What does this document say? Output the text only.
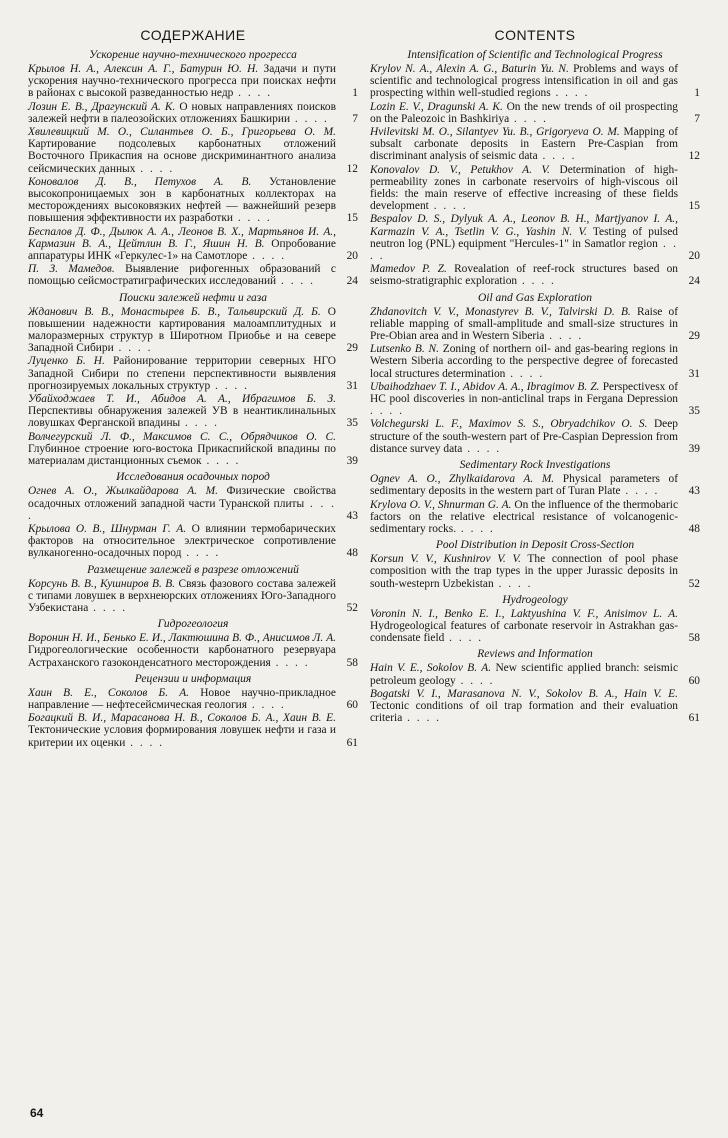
СОДЕРЖАНИЕ
Ускорение научно-технического прогресса
Крылов Н. А., Алексин А. Г., Батурин Ю. Н. Задачи и пути ускорения научно-технического прогресса при поисках нефти в районах с высокой разведанностью недр . . . .	1
Лозин Е. В., Драгунский А. К. О новых направлениях поисков залежей нефти в палеозойских отложениях Башкирии . . . .	7
Хвилевицкий М. О., Силантьев О. Б., Григорьева О. М. Картирование подсолевых карбонатных отложений Восточного Прикаспия на основе дискриминантного анализа сейсмических данных . . . .	12
Коновалов Д. В., Петухов А. В. Установление высокопроницаемых зон в карбонатных коллекторах на месторождениях высоковязких нефтей — важнейший резерв повышения эффективности их разработки . . . .	15
Беспалов Д. Ф., Дылюк А. А., Леонов В. Х., Мартьянов И. А., Кармазин В. А., Цейтлин В. Г., Яшин Н. В. Опробование аппаратуры ИНК «Геркулес-1» на Самотлоре . . . .	20
П. З. Мамедов. Выявление рифогенных образований с помощью сейсмостратиграфических исследований . . . .	24
Поиски залежей нефти и газа
Жданович В. В., Монастырев Б. В., Тальвирский Д. Б. О повышении надежности картирования малоамплитудных и малоразмерных структур в Широтном Приобье и на севере Западной Сибири . . . .	29
Луценко Б. Н. Районирование территории северных НГО Западной Сибири по степени перспективности выявления прогнозируемых локальных структур . . . .	31
Убайходжаев Т. И., Абидов А. А., Ибрагимов Б. З. Перспективы обнаружения залежей УВ в неантиклинальных ловушках Ферганской впадины . . . .	35
Волчегурский Л. Ф., Максимов С. С., Обрядчиков О. С. Глубинное строение юго-востока Прикаспийской впадины по материалам дистанционных съемок . . . .	39
Исследования осадочных пород
Огнев А. О., Жылкайдарова А. М. Физические свойства осадочных отложений западной части Туранской плиты . . . .	43
Крылова О. В., Шнурман Г. А. О влиянии термобарических факторов на относительное электрическое сопротивление вулканогенно-осадочных пород . . . .	48
Размещение залежей в разрезе отложений
Корсунь В. В., Кушниров В. В. Связь фазового состава залежей с типами ловушек в верхнеюрских отложениях Юго-Западного Узбекистана . . . .	52
Гидрогеология
Воронин Н. И., Бенько Е. И., Лактюшина В. Ф., Анисимов Л. А. Гидрогеологические особенности карбонатного резервуара Астраханского газоконденсатного месторождения . . . .	58
Рецензии и информация
Хаин В. Е., Соколов Б. А. Новое научно-прикладное направление — нефтесейсмическая геология . . . .	60
Богацкий В. И., Марасанова Н. В., Соколов Б. А., Хаин В. Е. Тектонические условия формирования ловушек нефти и газа и критерии их оценки . . . .	61
CONTENTS
Intensification of Scientific and Technological Progress
Krylov N. A., Alexin A. G., Baturin Yu. N. Problems and ways of scientific and technological progress intensification in oil and gas prospecting within well-studied regions . . . .	1
Lozin E. V., Dragunski A. K. On the new trends of oil prospecting on the Paleozoic in Bashkiriya . . . .	7
Hvilevitski M. O., Silantyev Yu. B., Grigoryeva O. M. Mapping of subsalt carbonate deposits in Eastern Pre-Caspian from discriminant analysis of seismic data . . . .	12
Konovalov D. V., Petukhov A. V. Determination of high-permeability zones in carbonate reservoirs of high-viscous oil fields: the main reserve of effective increasing of these fields development . . . .	15
Bespalov D. S., Dylyuk A. A., Leonov B. H., Martjyanov I. A., Karmazin V. A., Tsetlin V. G., Yashin N. V. Testing of pulsed neutron log (PNL) equipment "Hercules-1" in Samatlor region . . . .	20
Mamedov P. Z. Rovealation of reef-rock structures based on seismo-stratigraphic exploration . . . .	24
Oil and Gas Exploration
Zhdanovitch V. V., Monastyrev B. V., Talvirski D. B. Raise of reliable mapping of small-amplitude and small-size structures in Pre-Obian area and in Western Siberia . . . .	29
Lutsenko B. N. Zoning of northern oil- and gas-bearing regions in Western Siberia according to the perspective degree of forecasted local structures determination . . . .	31
Ubaihodzhaev T. I., Abidov A. A., Ibragimov B. Z. Perspectivesx of HC pool discoveries in non-anticlinal traps in Fergana Depression . . . .	35
Volchegurski L. F., Maximov S. S., Obryadchikov O. S. Deep structure of the south-western part of Pre-Caspian Depression from distance survey data . . . .	39
Sedimentary Rock Investigations
Ognev A. O., Zhylkaidarova A. M. Physical parameters of sedimentary deposits in the western part of Turan Plate . . . .	43
Krylova O. V., Shnurman G. A. On the influence of the thermobaric factors on the relative electrical resistance of volcanogenic-sedimentary rocks. . . . .	48
Pool Distribution in Deposit Cross-Section
Korsun V. V., Kushnirov V. V. The connection of pool phase composition with the trap types in the upper Jurassic deposits in south-westeprn Uzbekistan . . . .	52
Hydrogeology
Voronin N. I., Benko E. I., Laktyushina V. F., Anisimov L. A. Hydrogeological features of carbonate reservoir in Astrakhan gas-condensate field . . . .	58
Reviews and Information
Hain V. E., Sokolov B. A. New scientific applied branch: seismic petroleum geology . . . .	60
Bogatski V. I., Marasanova N. V., Sokolov B. A., Hain V. E. Tectonic conditions of oil trap formation and their evaluation criteria . . . .	61
64
